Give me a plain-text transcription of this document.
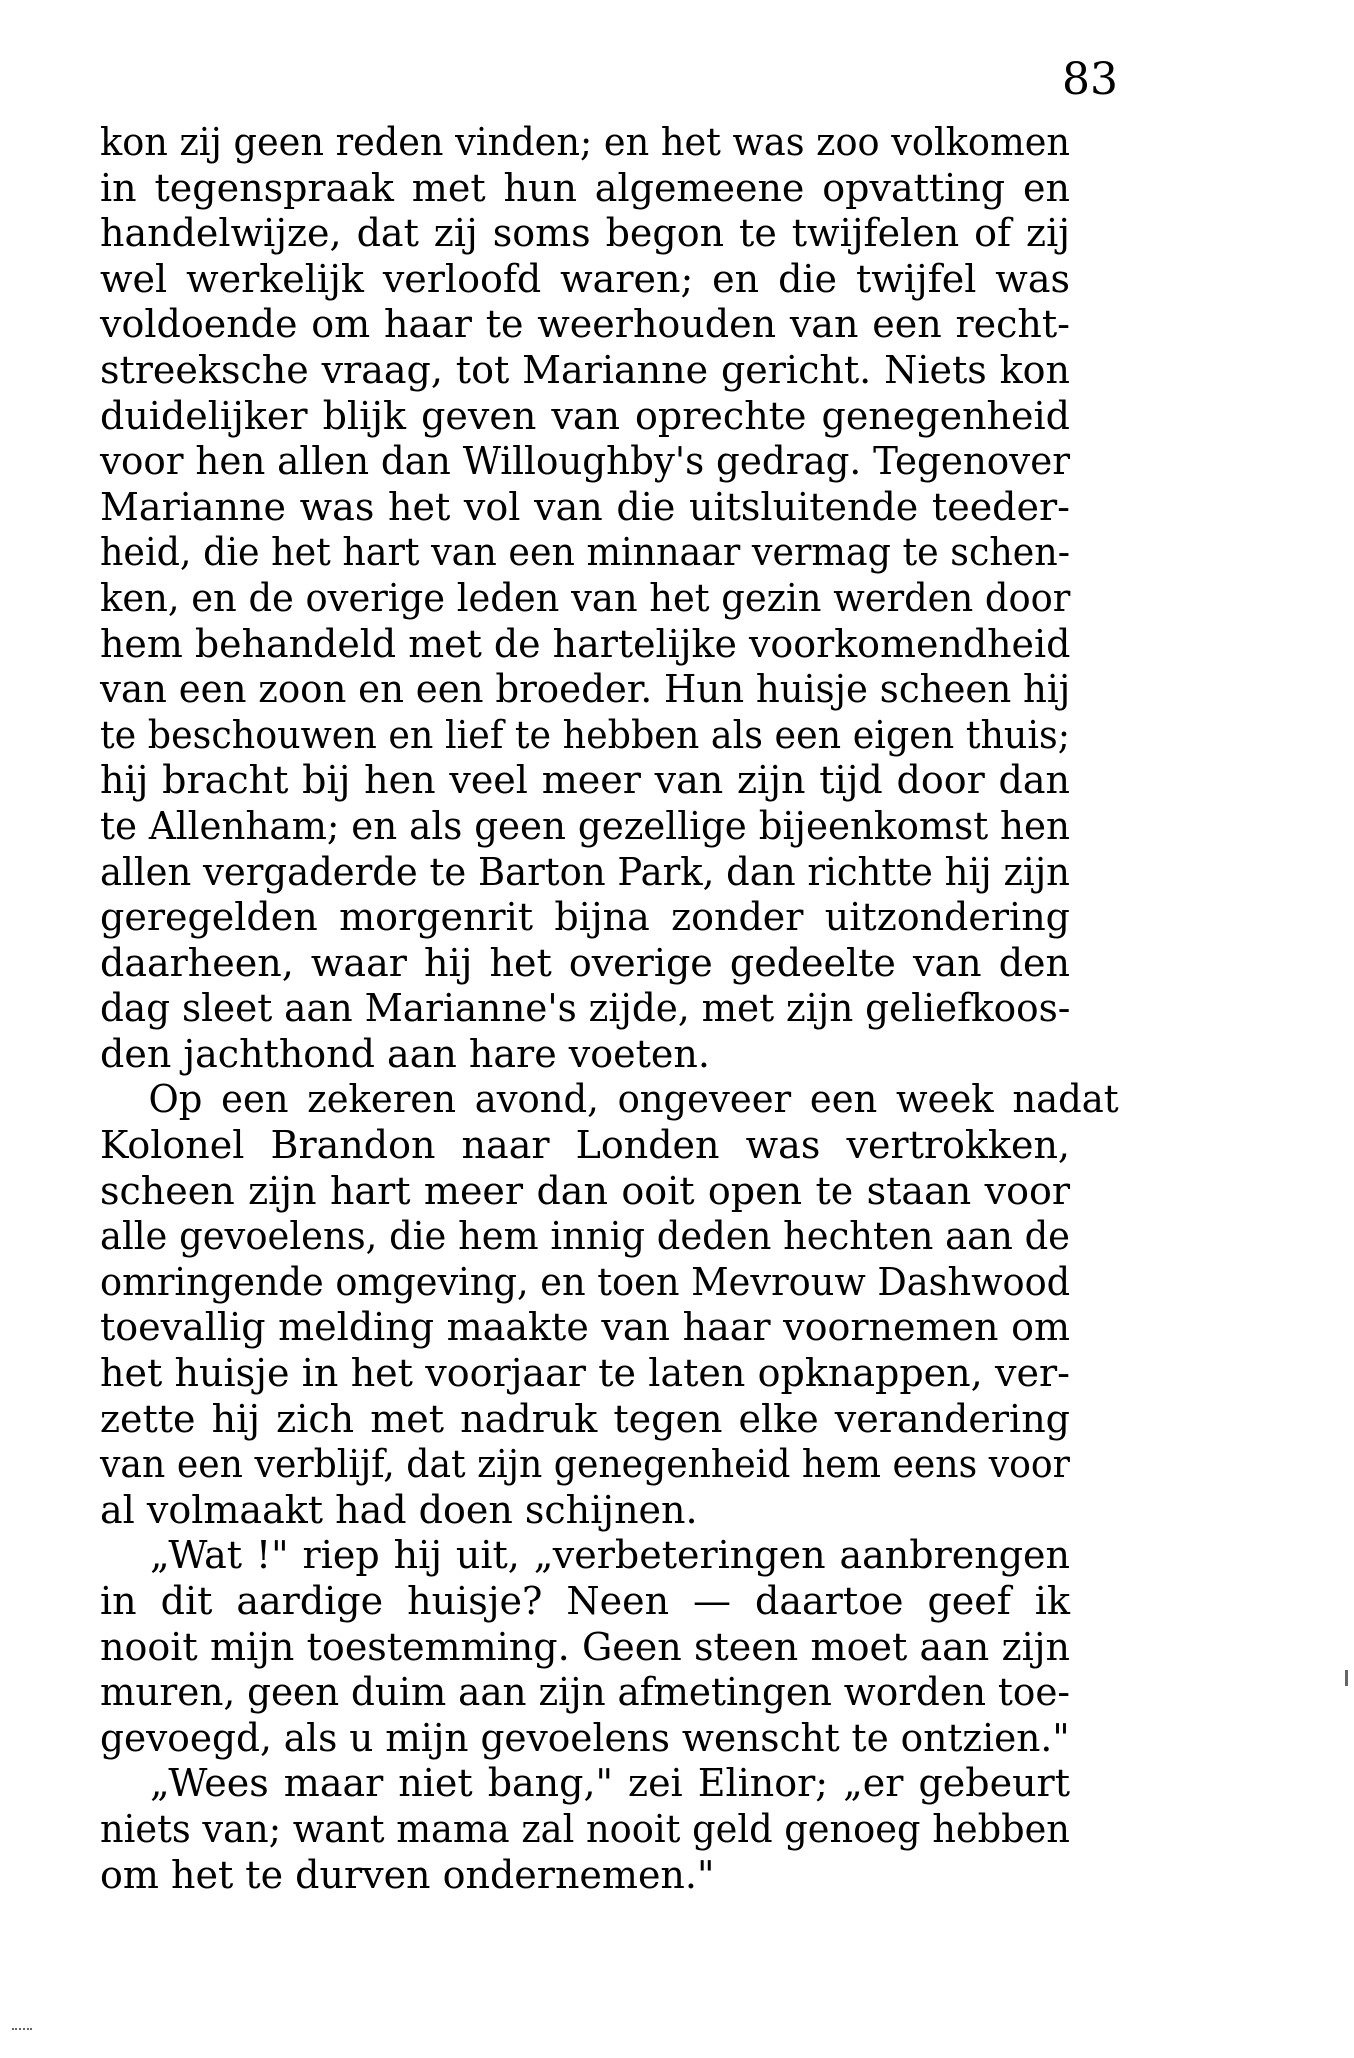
83
kon zij geen reden vinden; en het was zoo volkomen
in tegenspraak met hun algemeene opvatting en
handelwijze, dat zij soms begon te twijfelen of zij
wel werkelijk verloofd waren; en die twijfel was
voldoende om haar te weerhouden van een recht-
streeksche vraag, tot Marianne gericht. Niets kon
duidelijker blijk geven van oprechte genegenheid
voor hen allen dan Willoughby's gedrag. Tegenover
Marianne was het vol van die uitsluitende teeder-
heid, die het hart van een minnaar vermag te schen-
ken, en de overige leden van het gezin werden door
hem behandeld met de hartelijke voorkomendheid
van een zoon en een broeder. Hun huisje scheen hij
te beschouwen en lief te hebben als een eigen thuis;
hij bracht bij hen veel meer van zijn tijd door dan
te Allenham; en als geen gezellige bijeenkomst hen
allen vergaderde te Barton Park, dan richtte hij zijn
geregelden morgenrit bijna zonder uitzondering
daarheen, waar hij het overige gedeelte van den
dag sleet aan Marianne's zijde, met zijn geliefkoos-
den jachthond aan hare voeten.
Op een zekeren avond, ongeveer een week nadat
Kolonel Brandon naar Londen was vertrokken,
scheen zijn hart meer dan ooit open te staan voor
alle gevoelens, die hem innig deden hechten aan de
omringende omgeving, en toen Mevrouw Dashwood
toevallig melding maakte van haar voornemen om
het huisje in het voorjaar te laten opknappen, ver-
zette hij zich met nadruk tegen elke verandering
van een verblijf, dat zijn genegenheid hem eens voor
al volmaakt had doen schijnen.
„Wat !" riep hij uit, „verbeteringen aanbrengen
in dit aardige huisje? Neen — daartoe geef ik
nooit mijn toestemming. Geen steen moet aan zijn
muren, geen duim aan zijn afmetingen worden toe-
gevoegd, als u mijn gevoelens wenscht te ontzien."
„Wees maar niet bang," zei Elinor; „er gebeurt
niets van; want mama zal nooit geld genoeg hebben
om het te durven ondernemen."
